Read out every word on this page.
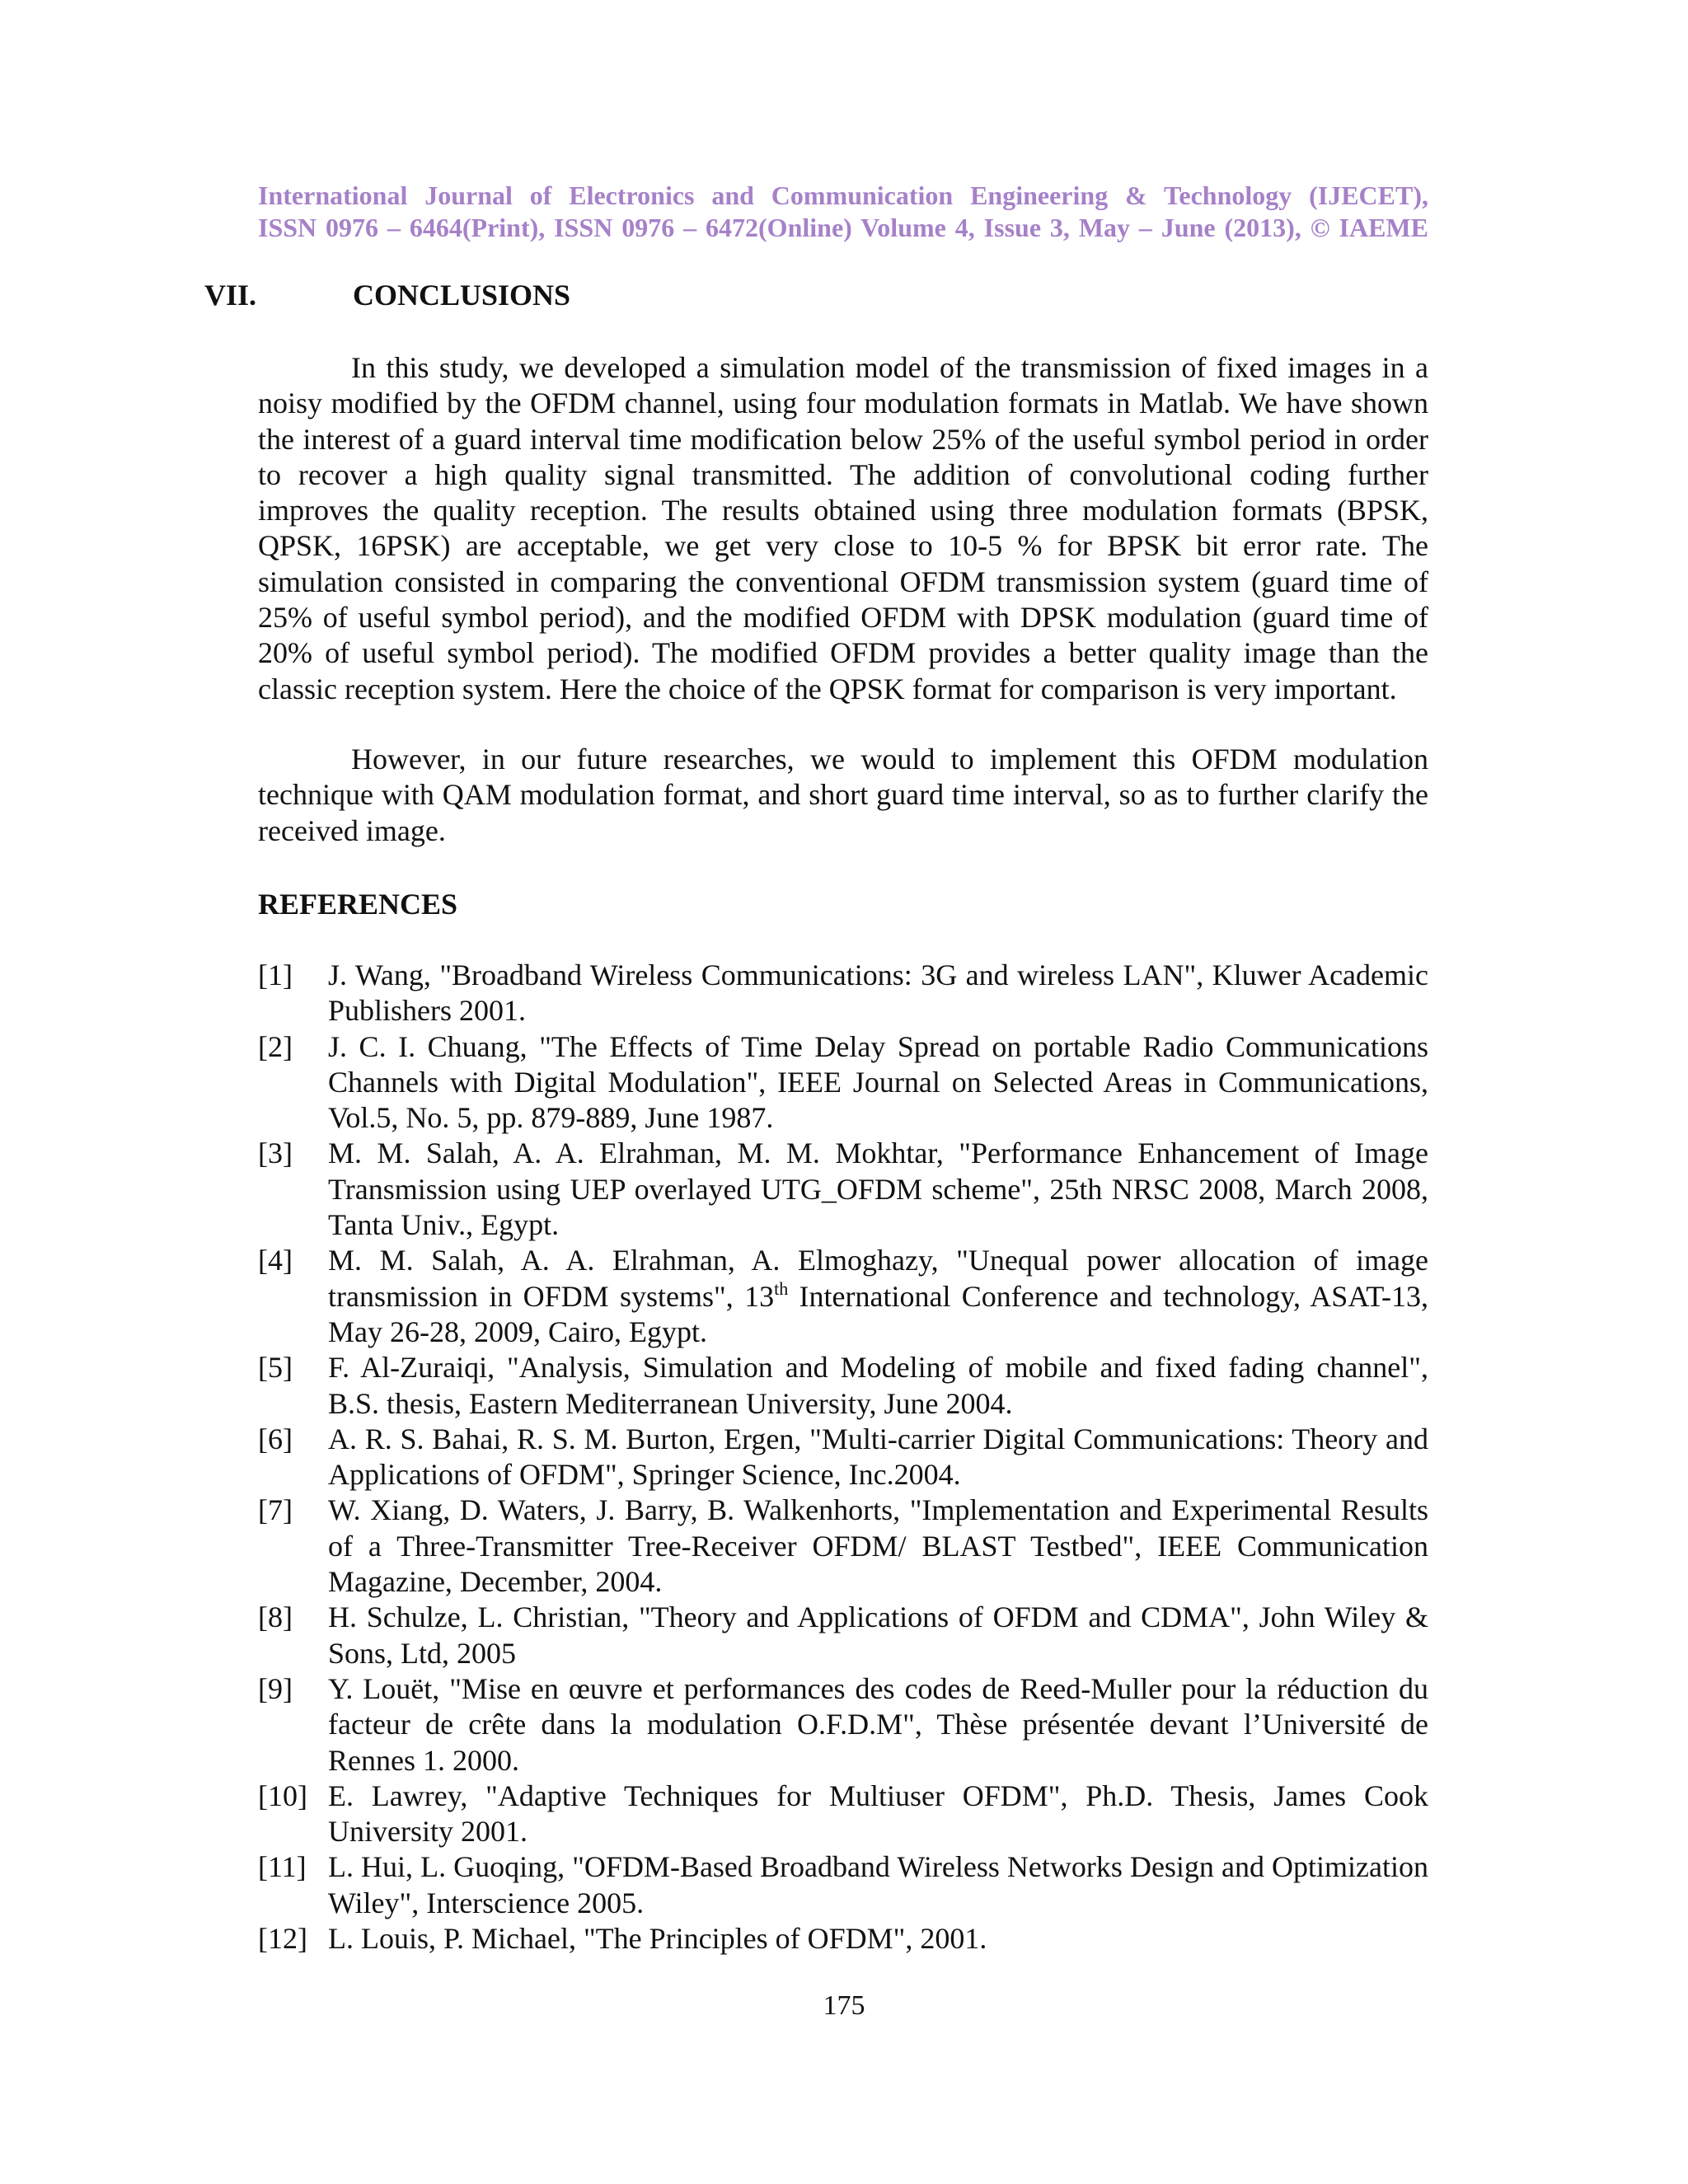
International Journal of Electronics and Communication Engineering & Technology (IJECET),
ISSN 0976 – 6464(Print), ISSN 0976 – 6472(Online) Volume 4, Issue 3, May – June (2013), © IAEME
VII.	CONCLUSIONS

In this study, we developed a simulation model of the transmission of fixed images in a noisy modified by the OFDM channel, using four modulation formats in Matlab. We have shown the interest of a guard interval time modification below 25% of the useful symbol period in order to recover a high quality signal transmitted. The addition of convolutional coding further improves the quality reception. The results obtained using three modulation formats (BPSK, QPSK, 16PSK) are acceptable, we get very close to 10-5 % for BPSK bit error rate. The simulation consisted in comparing the conventional OFDM transmission system (guard time of 25% of useful symbol period), and the modified OFDM with DPSK modulation (guard time of 20% of useful symbol period). The modified OFDM provides a better quality image than the classic reception system. Here the choice of the QPSK format for comparison is very important.

However, in our future researches, we would to implement this OFDM modulation technique with QAM modulation format, and short guard time interval, so as to further clarify the received image.

REFERENCES
[1]	J. Wang, "Broadband Wireless Communications: 3G and wireless LAN", Kluwer Academic Publishers 2001.
[2]	J. C. I. Chuang, "The Effects of Time Delay Spread on portable Radio Communications Channels with Digital Modulation", IEEE Journal on Selected Areas in Communications, Vol.5, No. 5, pp. 879-889, June 1987.
[3]	M. M. Salah, A. A. Elrahman, M. M. Mokhtar, "Performance Enhancement of Image Transmission using UEP overlayed UTG_OFDM scheme", 25th NRSC 2008, March 2008, Tanta Univ., Egypt.
[4]	M. M. Salah, A. A. Elrahman, A. Elmoghazy, "Unequal power allocation of image transmission in OFDM systems", 13th International Conference and technology, ASAT-13, May 26-28, 2009, Cairo, Egypt.
[5]	F. Al-Zuraiqi, "Analysis, Simulation and Modeling of mobile and fixed fading channel", B.S. thesis, Eastern Mediterranean University, June 2004.
[6]	A. R. S. Bahai, R. S. M. Burton, Ergen, "Multi-carrier Digital Communications: Theory and Applications of OFDM", Springer Science, Inc.2004.
[7]	W. Xiang, D. Waters, J. Barry, B. Walkenhorts, "Implementation and Experimental Results of a Three-Transmitter Tree-Receiver OFDM/ BLAST Testbed", IEEE Communication Magazine, December, 2004.
[8]	H. Schulze, L. Christian, "Theory and Applications of OFDM and CDMA", John Wiley & Sons, Ltd, 2005
[9]	Y. Louët, "Mise en œuvre et performances des codes de Reed-Muller pour la réduction du facteur de crête dans la modulation O.F.D.M", Thèse présentée devant l’Université de Rennes 1. 2000.
[10] E. Lawrey, "Adaptive Techniques for Multiuser OFDM", Ph.D. Thesis, James Cook University 2001.
[11] L. Hui, L. Guoqing, "OFDM-Based Broadband Wireless Networks Design and Optimization Wiley", Interscience 2005.
[12] L. Louis, P. Michael, "The Principles of OFDM", 2001.
175
